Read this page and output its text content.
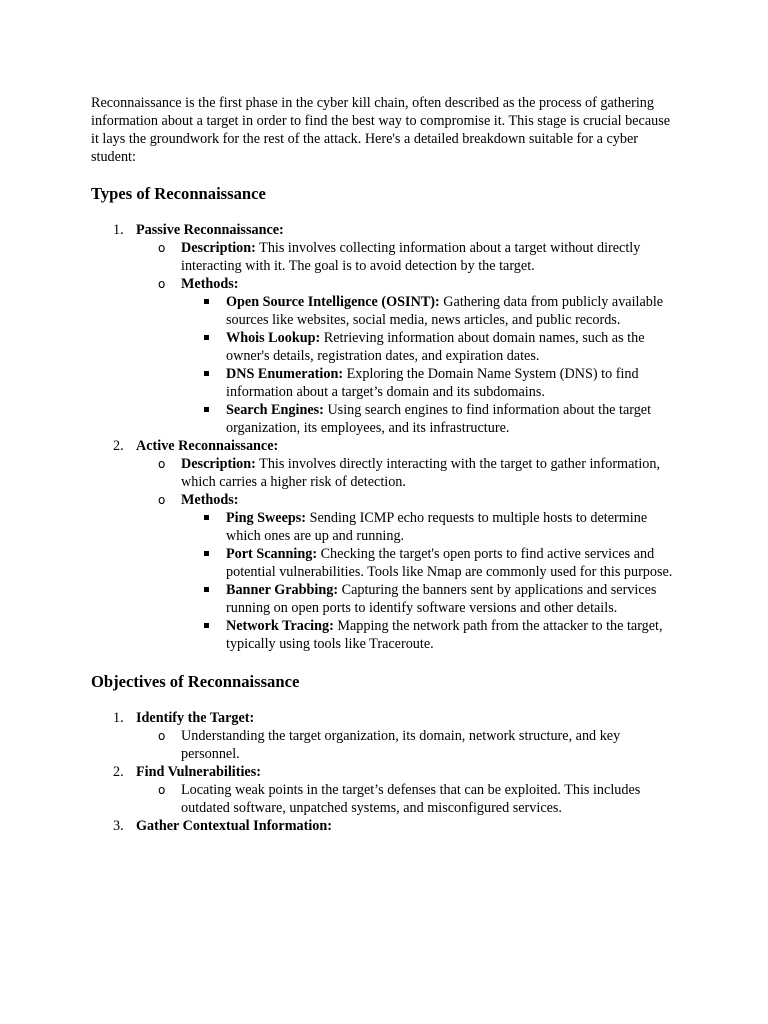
Reconnaissance is the first phase in the cyber kill chain, often described as the process of gathering information about a target in order to find the best way to compromise it. This stage is crucial because it lays the groundwork for the rest of the attack. Here's a detailed breakdown suitable for a cyber student:

Types of Reconnaissance
1. Passive Reconnaissance:
o Description: This involves collecting information about a target without directly interacting with it. The goal is to avoid detection by the target.
o Methods:
Open Source Intelligence (OSINT): Gathering data from publicly available sources like websites, social media, news articles, and public records.
Whois Lookup: Retrieving information about domain names, such as the owner's details, registration dates, and expiration dates.
DNS Enumeration: Exploring the Domain Name System (DNS) to find information about a target’s domain and its subdomains.
Search Engines: Using search engines to find information about the target organization, its employees, and its infrastructure.
2. Active Reconnaissance:
o Description: This involves directly interacting with the target to gather information, which carries a higher risk of detection.
o Methods:
Ping Sweeps: Sending ICMP echo requests to multiple hosts to determine which ones are up and running.
Port Scanning: Checking the target's open ports to find active services and potential vulnerabilities. Tools like Nmap are commonly used for this purpose.
Banner Grabbing: Capturing the banners sent by applications and services running on open ports to identify software versions and other details.
Network Tracing: Mapping the network path from the attacker to the target, typically using tools like Traceroute.
Objectives of Reconnaissance
1. Identify the Target:
o Understanding the target organization, its domain, network structure, and key personnel.
2. Find Vulnerabilities:
o Locating weak points in the target’s defenses that can be exploited. This includes outdated software, unpatched systems, and misconfigured services.
3. Gather Contextual Information:
